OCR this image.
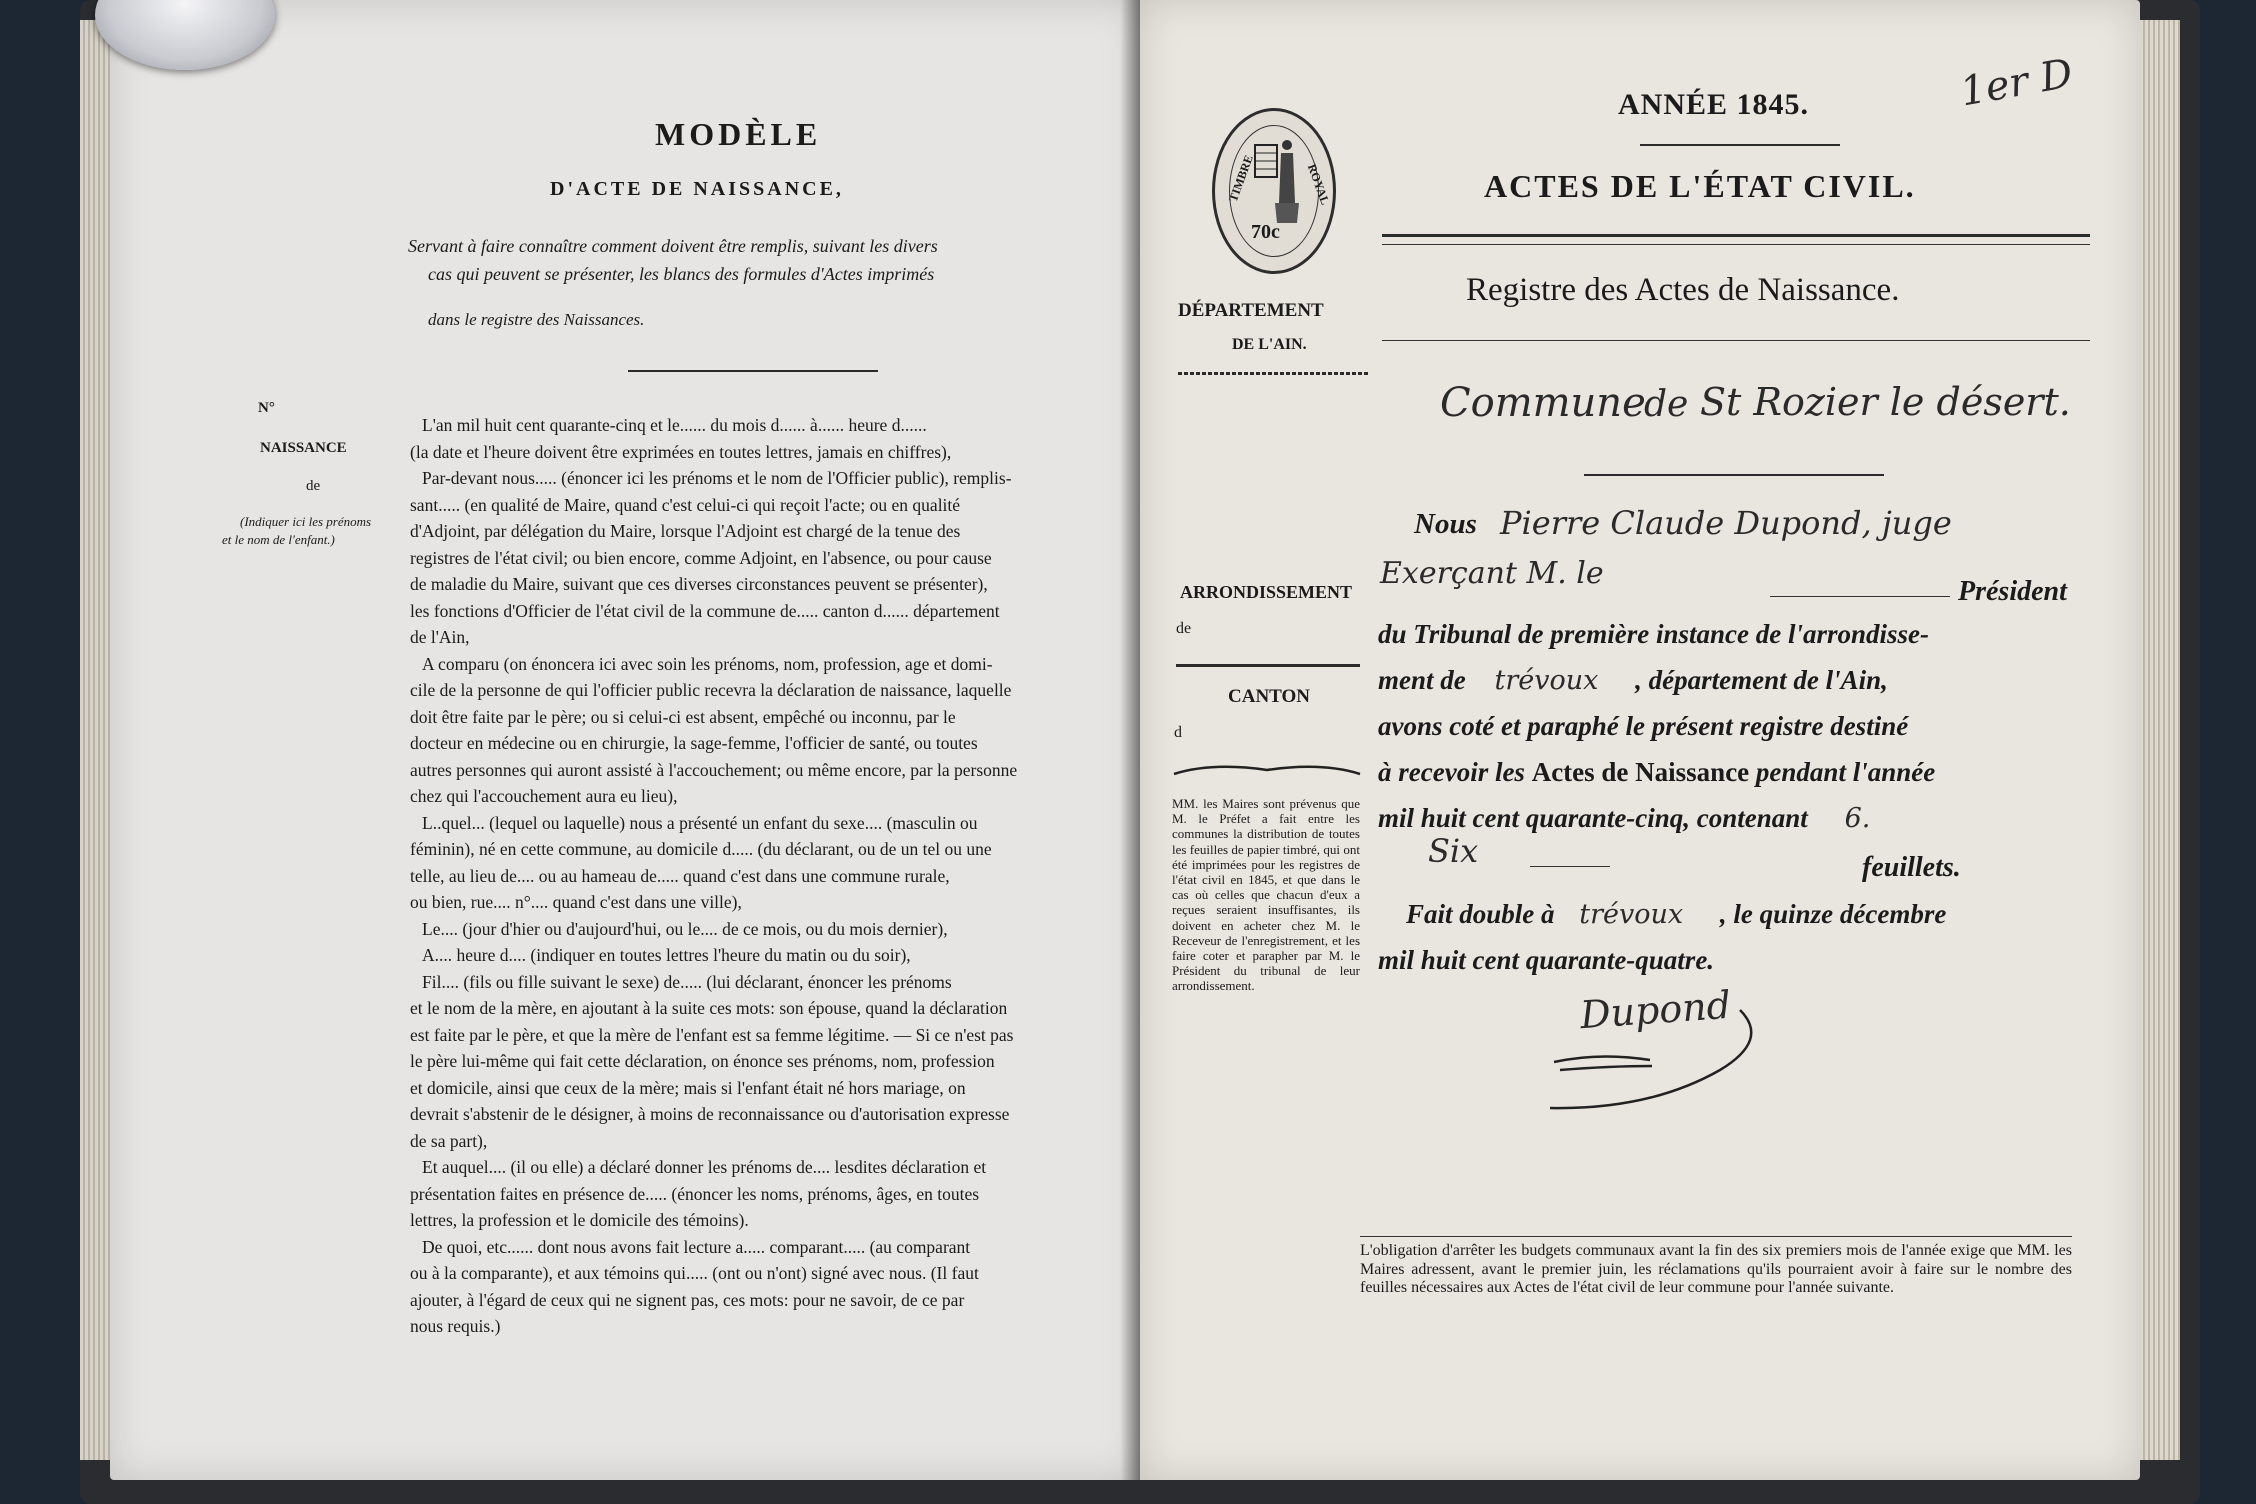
MODÈLE
D'ACTE DE NAISSANCE,
Servant à faire connaître comment doivent être remplis, suivant les divers
cas qui peuvent se présenter, les blancs des formules d'Actes imprimés
dans le registre des Naissances.
N°
NAISSANCE
de
(Indiquer ici les prénoms
et le nom de l'enfant.)

L'an mil huit cent quarante-cinq et le...... du mois d...... à...... heure d......

(la date et l'heure doivent être exprimées en toutes lettres, jamais en chiffres),

Par-devant nous..... (énoncer ici les prénoms et le nom de l'Officier public), remplis-

sant..... (en qualité de Maire, quand c'est celui-ci qui reçoit l'acte; ou en qualité

d'Adjoint, par délégation du Maire, lorsque l'Adjoint est chargé de la tenue des

registres de l'état civil; ou bien encore, comme Adjoint, en l'absence, ou pour cause

de maladie du Maire, suivant que ces diverses circonstances peuvent se présenter),

les fonctions d'Officier de l'état civil de la commune de..... canton d...... département

de l'Ain,

A comparu (on énoncera ici avec soin les prénoms, nom, profession, age et domi-

cile de la personne de qui l'officier public recevra la déclaration de naissance, laquelle

doit être faite par le père; ou si celui-ci est absent, empêché ou inconnu, par le

docteur en médecine ou en chirurgie, la sage-femme, l'officier de santé, ou toutes

autres personnes qui auront assisté à l'accouchement; ou même encore, par la personne

chez qui l'accouchement aura eu lieu),

L..quel... (lequel ou laquelle) nous a présenté un enfant du sexe.... (masculin ou

féminin), né en cette commune, au domicile d..... (du déclarant, ou de un tel ou une

telle, au lieu de.... ou au hameau de..... quand c'est dans une commune rurale,

ou bien, rue.... n°.... quand c'est dans une ville),

Le.... (jour d'hier ou d'aujourd'hui, ou le.... de ce mois, ou du mois dernier),

A.... heure d.... (indiquer en toutes lettres l'heure du matin ou du soir),

Fil.... (fils ou fille suivant le sexe) de..... (lui déclarant, énoncer les prénoms

et le nom de la mère, en ajoutant à la suite ces mots: son épouse, quand la déclaration

est faite par le père, et que la mère de l'enfant est sa femme légitime. — Si ce n'est pas

le père lui-même qui fait cette déclaration, on énonce ses prénoms, nom, profession

et domicile, ainsi que ceux de la mère; mais si l'enfant était né hors mariage, on

devrait s'abstenir de le désigner, à moins de reconnaissance ou d'autorisation expresse

de sa part),

Et auquel.... (il ou elle) a déclaré donner les prénoms de.... lesdites déclaration et

présentation faites en présence de..... (énoncer les noms, prénoms, âges, en toutes

lettres, la profession et le domicile des témoins).

De quoi, etc...... dont nous avons fait lecture a..... comparant..... (au comparant

ou à la comparante), et aux témoins qui..... (ont ou n'ont) signé avec nous. (Il faut

ajouter, à l'égard de ceux qui ne signent pas, ces mots: pour ne savoir, de ce par

nous requis.)

TIMBRE	ROYAL
70c
ANNÉE 1845.	1er D
ACTES DE L'ÉTAT CIVIL.
DÉPARTEMENT
DE L'AIN.
Registre des Actes de Naissance.
Commune
de St Rozier le désert.
ARRONDISSEMENT
de
CANTON
d
MM. les Maires sont prévenus que M. le Préfet a fait entre les communes la distribution de toutes les feuilles de papier timbré, qui ont été imprimées pour les registres de l'état civil en 1845, et que dans le cas où celles que chacun d'eux a reçues seraient insuffisantes, ils doivent en acheter chez M. le Receveur de l'enregistrement, et les faire coter et parapher par M. le Président du tribunal de leur arrondissement.
Nous Pierre Claude Dupond, juge
Exerçant M. le
Président
du Tribunal de première instance de l'arrondisse-
ment de trévoux , département de l'Ain,
avons coté et paraphé le présent registre destiné
à recevoir les Actes de Naissance pendant l'année
mil huit cent quarante-cinq, contenant 6.
Six	feuillets.
Fait double à trévoux , le quinze décembre
mil huit cent quarante-quatre.
Dupond
L'obligation d'arrêter les budgets communaux avant la fin des six premiers mois de l'année exige que MM. les Maires adressent, avant le premier juin, les réclamations qu'ils pourraient avoir à faire sur le nombre des feuilles nécessaires aux Actes de l'état civil de leur commune pour l'année suivante.
